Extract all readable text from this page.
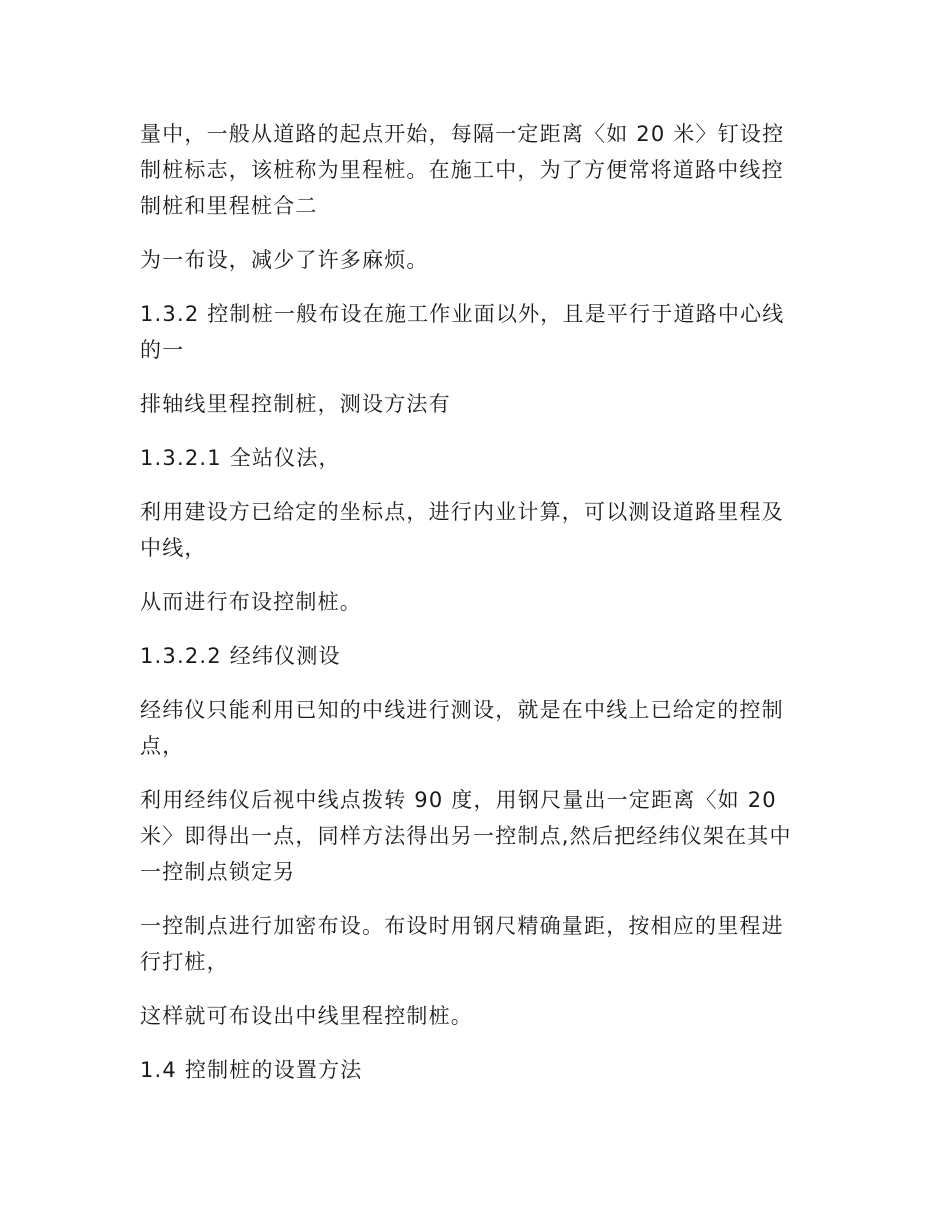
量中，一般从道路的起点开始，每隔一定距离〈如 20 米〉钉设控制桩标志，该桩称为里程桩。在施工中，为了方便常将道路中线控制桩和里程桩合二

为一布设，减少了许多麻烦。

1.3.2 控制桩一般布设在施工作业面以外，且是平行于道路中心线的一

排轴线里程控制桩，测设方法有

1.3.2.1 全站仪法，

利用建设方已给定的坐标点，进行内业计算，可以测设道路里程及中线，

从而进行布设控制桩。

1.3.2.2 经纬仪测设

经纬仪只能利用已知的中线进行测设，就是在中线上已给定的控制点，

利用经纬仪后视中线点拨转 90 度，用钢尺量出一定距离〈如 20 米〉即得出一点，同样方法得出另一控制点,然后把经纬仪架在其中一控制点锁定另

一控制点进行加密布设。布设时用钢尺精确量距，按相应的里程进行打桩，

这样就可布设出中线里程控制桩。

1.4 控制桩的设置方法
